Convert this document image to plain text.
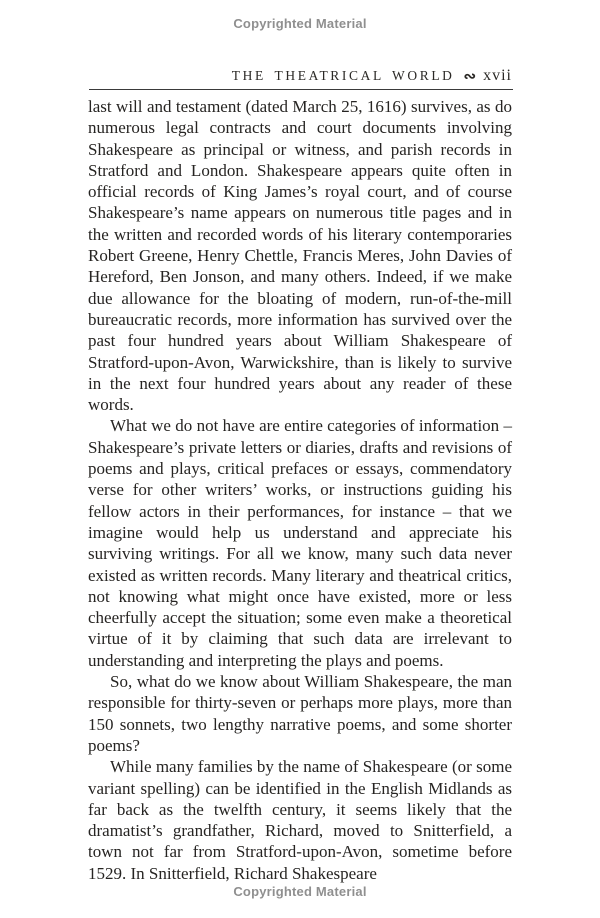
Copyrighted Material
THE THEATRICAL WORLD ∾ xvii

last will and testament (dated March 25, 1616) survives, as do numerous legal contracts and court documents involving Shakespeare as principal or witness, and parish records in Stratford and London. Shakespeare appears quite often in official records of King James’s royal court, and of course Shakespeare’s name appears on numerous title pages and in the written and recorded words of his literary contemporaries Robert Greene, Henry Chettle, Francis Meres, John Davies of Hereford, Ben Jonson, and many others. Indeed, if we make due allowance for the bloating of modern, run-of-the-mill bureaucratic records, more information has survived over the past four hundred years about William Shakespeare of Stratford-upon-Avon, Warwickshire, than is likely to survive in the next four hundred years about any reader of these words.

What we do not have are entire categories of information – Shakespeare’s private letters or diaries, drafts and revisions of poems and plays, critical prefaces or essays, commendatory verse for other writers’ works, or instructions guiding his fellow actors in their performances, for instance – that we imagine would help us understand and appreciate his surviving writings. For all we know, many such data never existed as written records. Many literary and theatrical critics, not knowing what might once have existed, more or less cheerfully accept the situation; some even make a theoretical virtue of it by claiming that such data are irrelevant to understanding and interpreting the plays and poems.

So, what do we know about William Shakespeare, the man responsible for thirty-seven or perhaps more plays, more than 150 sonnets, two lengthy narrative poems, and some shorter poems?

While many families by the name of Shakespeare (or some variant spelling) can be identified in the English Midlands as far back as the twelfth century, it seems likely that the dramatist’s grandfather, Richard, moved to Snitterfield, a town not far from Stratford-upon-Avon, sometime before 1529. In Snitterfield, Richard Shakespeare

Copyrighted Material
